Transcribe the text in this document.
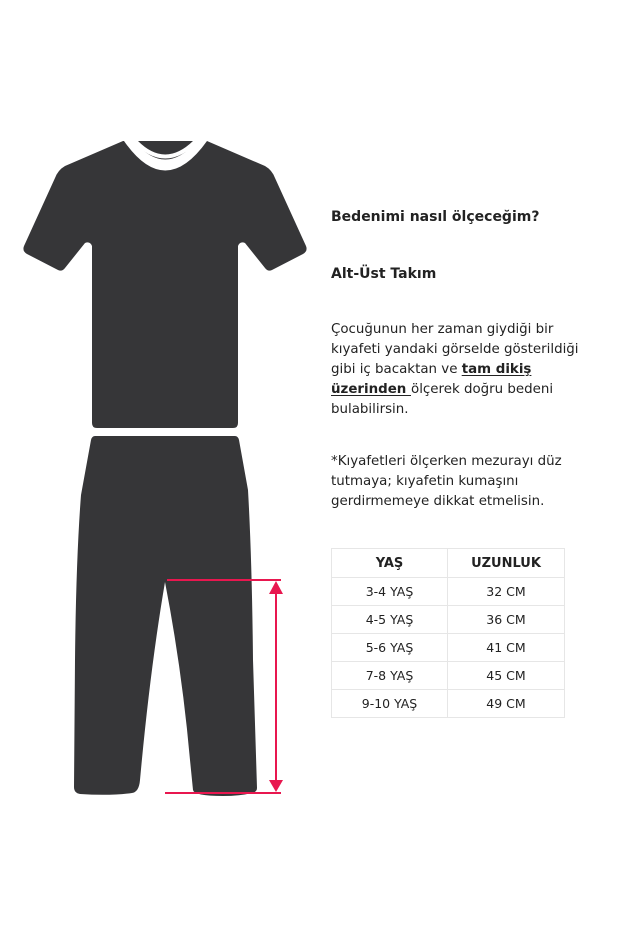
Bedenimi nasıl ölçeceğim?
Alt-Üst Takım
Çocuğunun her zaman giydiği bir kıyafeti yandaki görselde gösterildiği gibi iç bacaktan ve tam dikiş üzerinden ölçerek doğru bedeni bulabilirsin.
*Kıyafetleri ölçerken mezurayı düz tutmaya; kıyafetin kumaşını gerdirmemeye dikkat etmelisin.
YAŞ	UZUNLUK
3-4 YAŞ	32 CM
4-5 YAŞ	36 CM
5-6 YAŞ	41 CM
7-8 YAŞ	45 CM
9-10 YAŞ	49 CM
